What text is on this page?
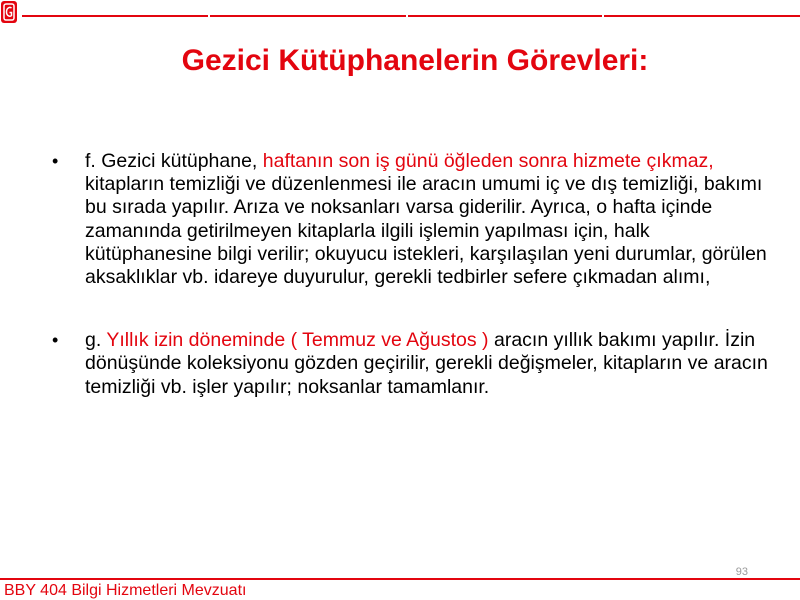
Gezici Kütüphanelerin Görevleri:
• f. Gezici kütüphane, haftanın son iş günü öğleden sonra hizmete çıkmaz, kitapların temizliği ve düzenlenmesi ile aracın umumi iç ve dış temizliği, bakımı bu sırada yapılır. Arıza ve noksanları varsa giderilir. Ayrıca, o hafta içinde zamanında getirilmeyen kitaplarla ilgili işlemin yapılması için, halk kütüphanesine bilgi verilir; okuyucu istekleri, karşılaşılan yeni durumlar, görülen aksaklıklar vb. idareye duyurulur, gerekli tedbirler sefere çıkmadan alımı,
• g. Yıllık izin döneminde ( Temmuz ve Ağustos ) aracın yıllık bakımı yapılır. İzin dönüşünde koleksiyonu gözden geçirilir, gerekli değişmeler, kitapların ve aracın temizliği vb. işler yapılır; noksanlar tamamlanır.
93
BBY 404 Bilgi Hizmetleri Mevzuatı
